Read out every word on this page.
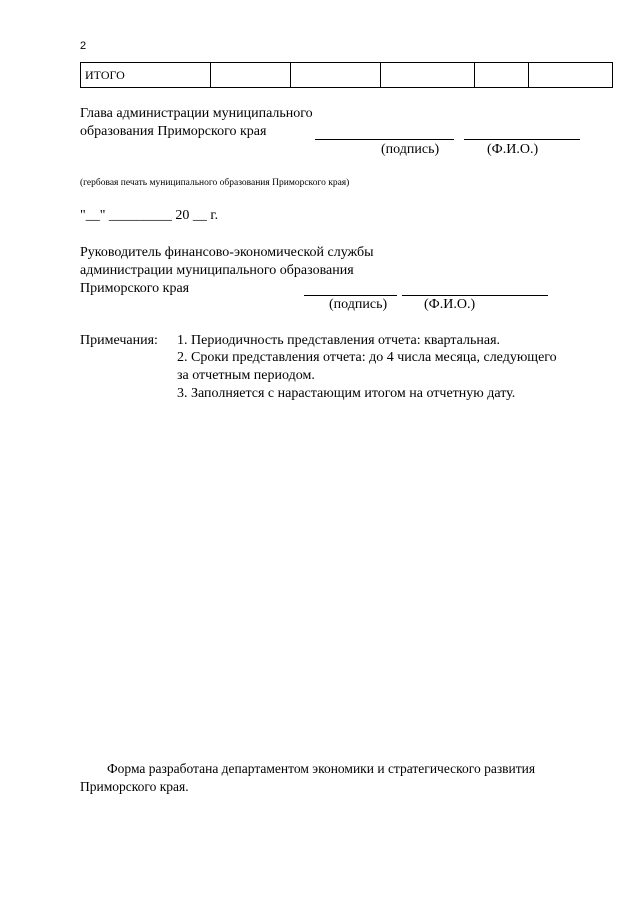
2
ИТОГО					
Глава администрации муниципального
образования Приморского края
(подпись)	(Ф.И.О.)
(гербовая печать муниципального образования Приморского края)
"__" _________ 20 __ г.
Руководитель финансово-экономической службы
администрации муниципального образования
Приморского края
(подпись)	(Ф.И.О.)
Примечания: 1. Периодичность представления отчета: квартальная.
2. Сроки представления отчета: до 4 числа месяца, следующего
за отчетным периодом.
3. Заполняется с нарастающим итогом на отчетную дату.
Форма разработана департаментом экономики и стратегического развития
Приморского края.
